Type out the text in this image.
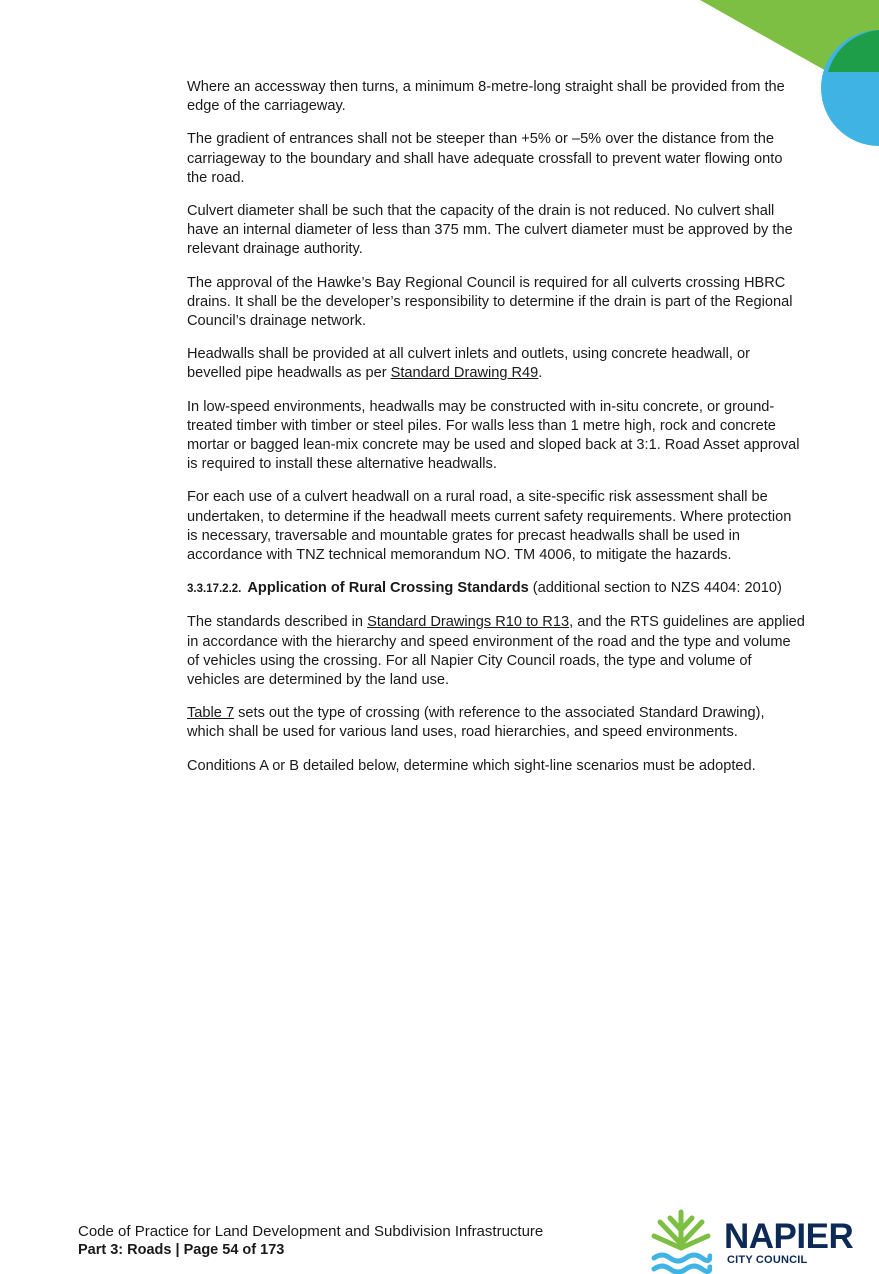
Where an accessway then turns, a minimum 8-metre-long straight shall be provided from the edge of the carriageway.

The gradient of entrances shall not be steeper than +5% or –5% over the distance from the carriageway to the boundary and shall have adequate crossfall to prevent water flowing onto the road.

Culvert diameter shall be such that the capacity of the drain is not reduced. No culvert shall have an internal diameter of less than 375 mm. The culvert diameter must be approved by the relevant drainage authority.

The approval of the Hawke’s Bay Regional Council is required for all culverts crossing HBRC drains. It shall be the developer’s responsibility to determine if the drain is part of the Regional Council’s drainage network.

Headwalls shall be provided at all culvert inlets and outlets, using concrete headwall, or bevelled pipe headwalls as per Standard Drawing R49.

In low-speed environments, headwalls may be constructed with in-situ concrete, or ground-treated timber with timber or steel piles. For walls less than 1 metre high, rock and concrete mortar or bagged lean-mix concrete may be used and sloped back at 3:1. Road Asset approval is required to install these alternative headwalls.

For each use of a culvert headwall on a rural road, a site-specific risk assessment shall be undertaken, to determine if the headwall meets current safety requirements. Where protection is necessary, traversable and mountable grates for precast headwalls shall be used in accordance with TNZ technical memorandum NO. TM 4006, to mitigate the hazards.

3.3.17.2.2. Application of Rural Crossing Standards (additional section to NZS 4404: 2010)

The standards described in Standard Drawings R10 to R13, and the RTS guidelines are applied in accordance with the hierarchy and speed environment of the road and the type and volume of vehicles using the crossing. For all Napier City Council roads, the type and volume of vehicles are determined by the land use.

Table 7 sets out the type of crossing (with reference to the associated Standard Drawing), which shall be used for various land uses, road hierarchies, and speed environments.

Conditions A or B detailed below, determine which sight-line scenarios must be adopted.

Code of Practice for Land Development and Subdivision Infrastructure
Part 3: Roads | Page 54 of 173	NAPIER
CITY COUNCIL
